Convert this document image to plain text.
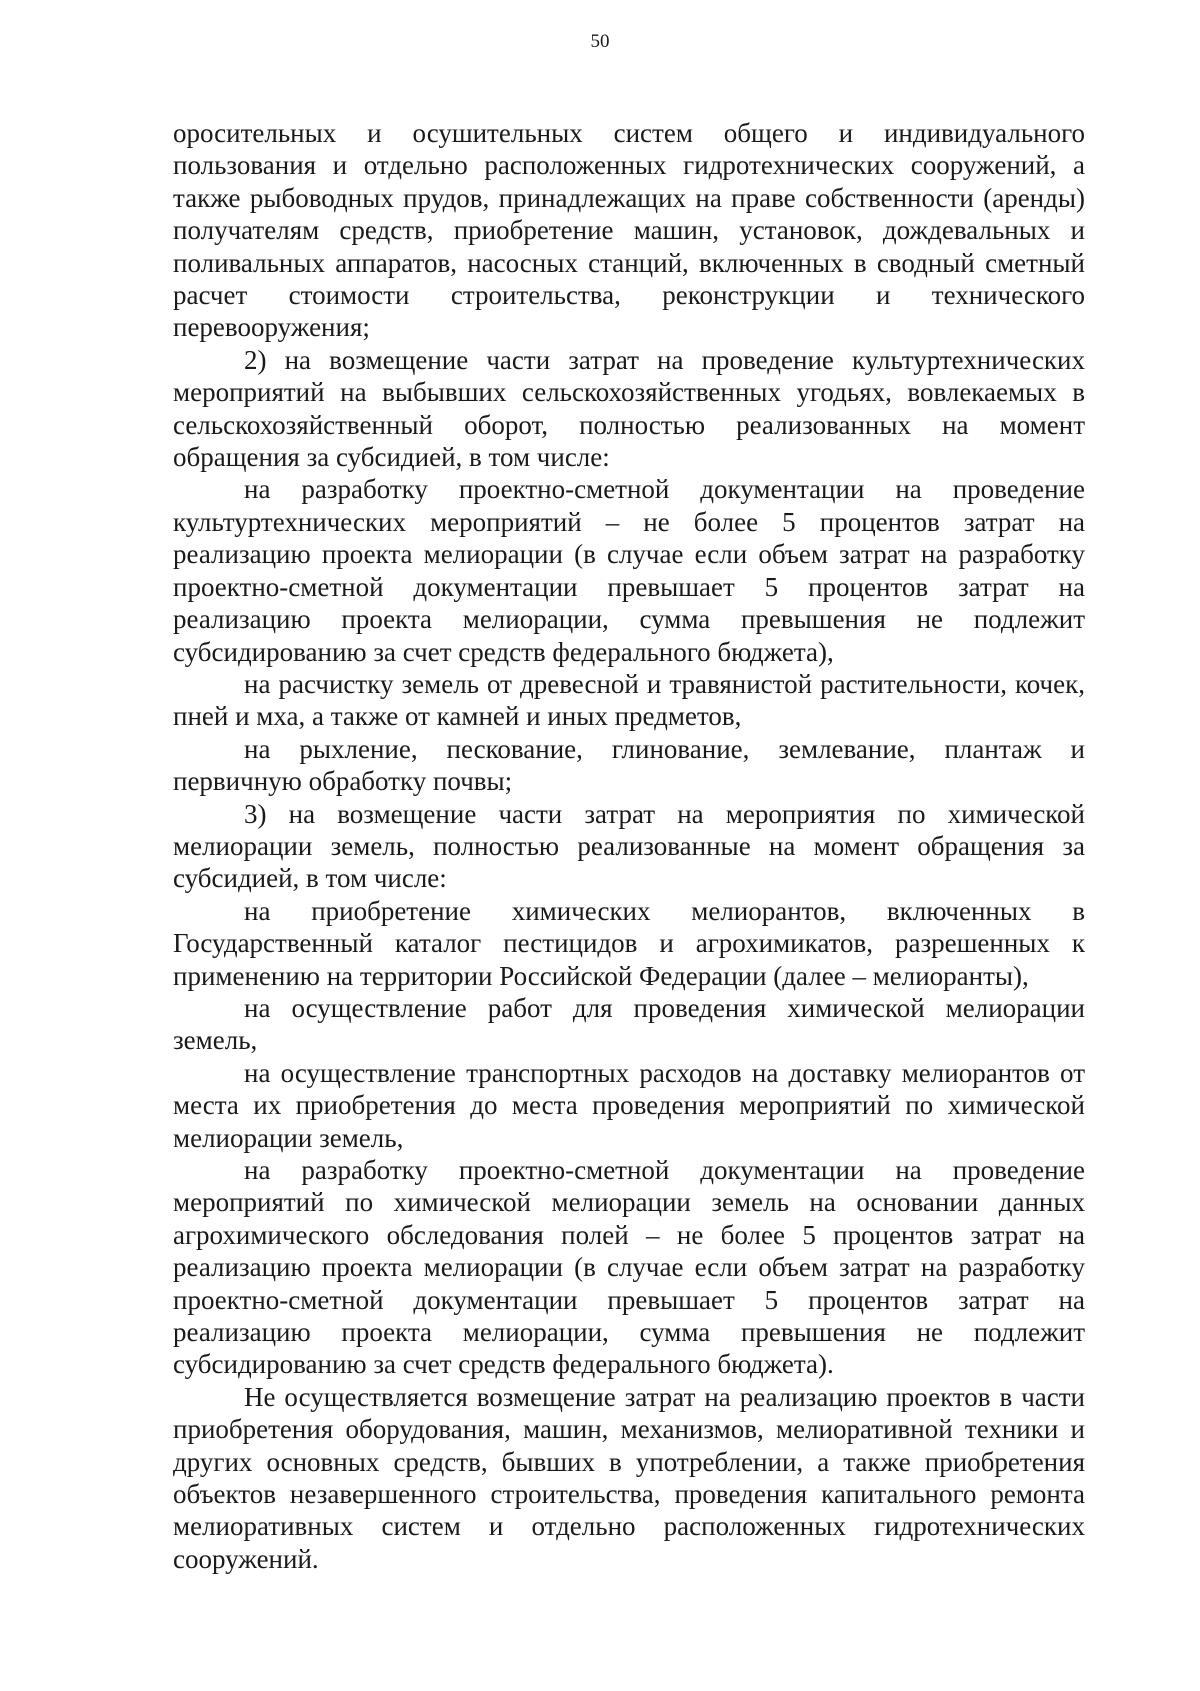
50

оросительных и осушительных систем общего и индивидуального пользования и отдельно расположенных гидротехнических сооружений, а также рыбоводных прудов, принадлежащих на праве собственности (аренды) получателям средств, приобретение машин, установок, дождевальных и поливальных аппаратов, насосных станций, включенных в сводный сметный расчет стоимости строительства, реконструкции и технического перевооружения;

2) на возмещение части затрат на проведение культуртехнических мероприятий на выбывших сельскохозяйственных угодьях, вовлекаемых в сельскохозяйственный оборот, полностью реализованных на момент обращения за субсидией, в том числе:

на разработку проектно-сметной документации на проведение культуртехнических мероприятий – не более 5 процентов затрат на реализацию проекта мелиорации (в случае если объем затрат на разработку проектно-сметной документации превышает 5 процентов затрат на реализацию проекта мелиорации, сумма превышения не подлежит субсидированию за счет средств федерального бюджета),

на расчистку земель от древесной и травянистой растительности, кочек, пней и мха, а также от камней и иных предметов,

на рыхление, пескование, глинование, землевание, плантаж и первичную обработку почвы;

3) на возмещение части затрат на мероприятия по химической мелиорации земель, полностью реализованные на момент обращения за субсидией, в том числе:

на приобретение химических мелиорантов, включенных в Государственный каталог пестицидов и агрохимикатов, разрешенных к применению на территории Российской Федерации (далее – мелиоранты),

на осуществление работ для проведения химической мелиорации земель,

на осуществление транспортных расходов на доставку мелиорантов от места их приобретения до места проведения мероприятий по химической мелиорации земель,

на разработку проектно-сметной документации на проведение мероприятий по химической мелиорации земель на основании данных агрохимического обследования полей – не более 5 процентов затрат на реализацию проекта мелиорации (в случае если объем затрат на разработку проектно-сметной документации превышает 5 процентов затрат на реализацию проекта мелиорации, сумма превышения не подлежит субсидированию за счет средств федерального бюджета).

Не осуществляется возмещение затрат на реализацию проектов в части приобретения оборудования, машин, механизмов, мелиоративной техники и других основных средств, бывших в употреблении, а также приобретения объектов незавершенного строительства, проведения капитального ремонта мелиоративных систем и отдельно расположенных гидротехнических сооружений.
